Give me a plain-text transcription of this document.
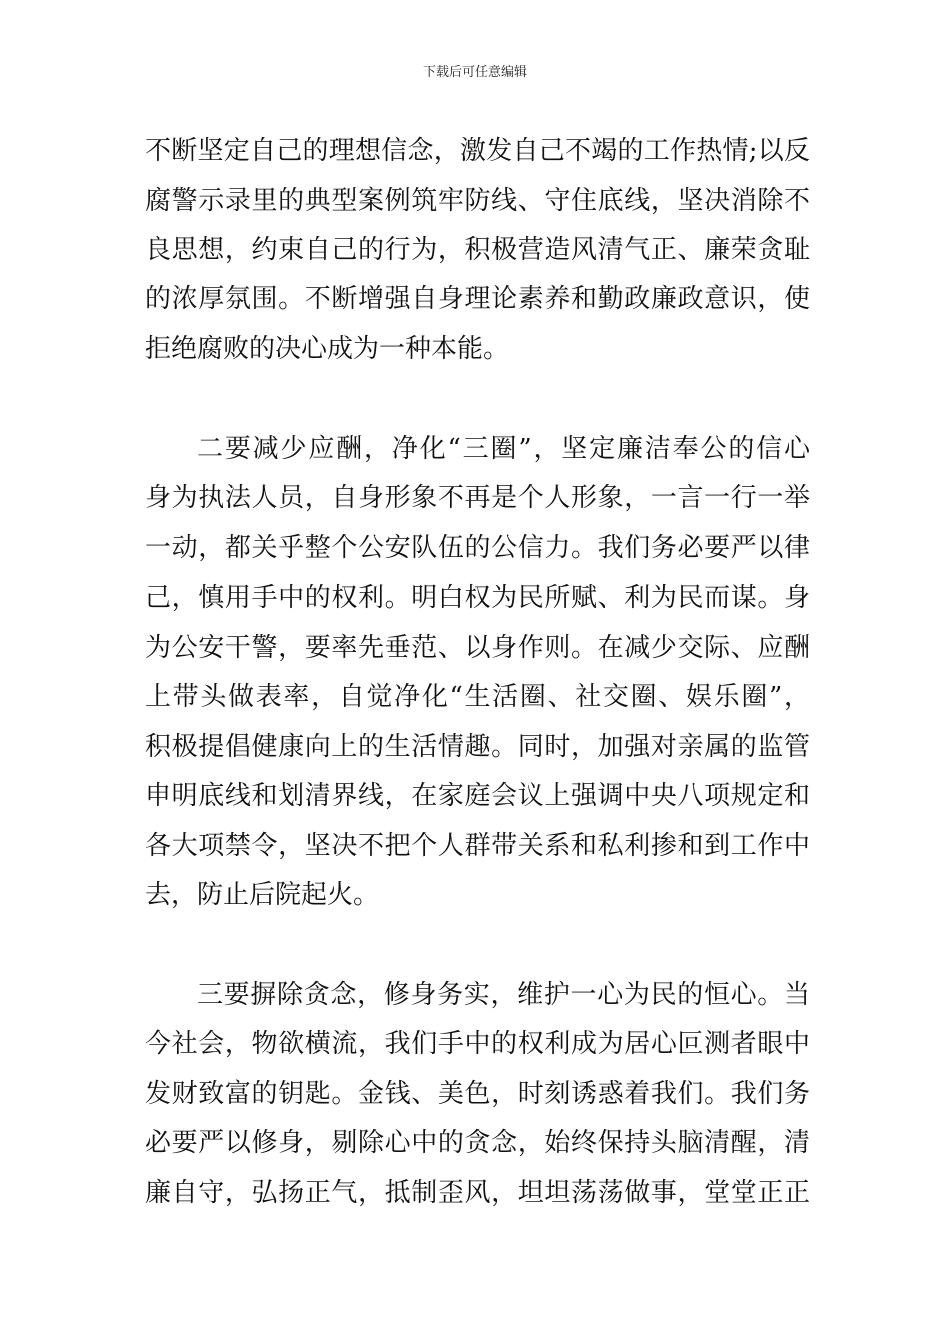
下载后可任意编辑
不断坚定自己的理想信念，激发自己不竭的工作热情;以反
腐警示录里的典型案例筑牢防线、守住底线，坚决消除不
良思想，约束自己的行为，积极营造风清气正、廉荣贪耻
的浓厚氛围。不断增强自身理论素养和勤政廉政意识，使
拒绝腐败的决心成为一种本能。
二要减少应酬，净化“三圈”，坚定廉洁奉公的信心
身为执法人员，自身形象不再是个人形象，一言一行一举
一动，都关乎整个公安队伍的公信力。我们务必要严以律
己，慎用手中的权利。明白权为民所赋、利为民而谋。身
为公安干警，要率先垂范、以身作则。在减少交际、应酬
上带头做表率，自觉净化“生活圈、社交圈、娱乐圈”，
积极提倡健康向上的生活情趣。同时，加强对亲属的监管
申明底线和划清界线，在家庭会议上强调中央八项规定和
各大项禁令，坚决不把个人群带关系和私利掺和到工作中
去，防止后院起火。
三要摒除贪念，修身务实，维护一心为民的恒心。当
今社会，物欲横流，我们手中的权利成为居心叵测者眼中
发财致富的钥匙。金钱、美色，时刻诱惑着我们。我们务
必要严以修身，剔除心中的贪念，始终保持头脑清醒，清
廉自守，弘扬正气，抵制歪风，坦坦荡荡做事，堂堂正正
